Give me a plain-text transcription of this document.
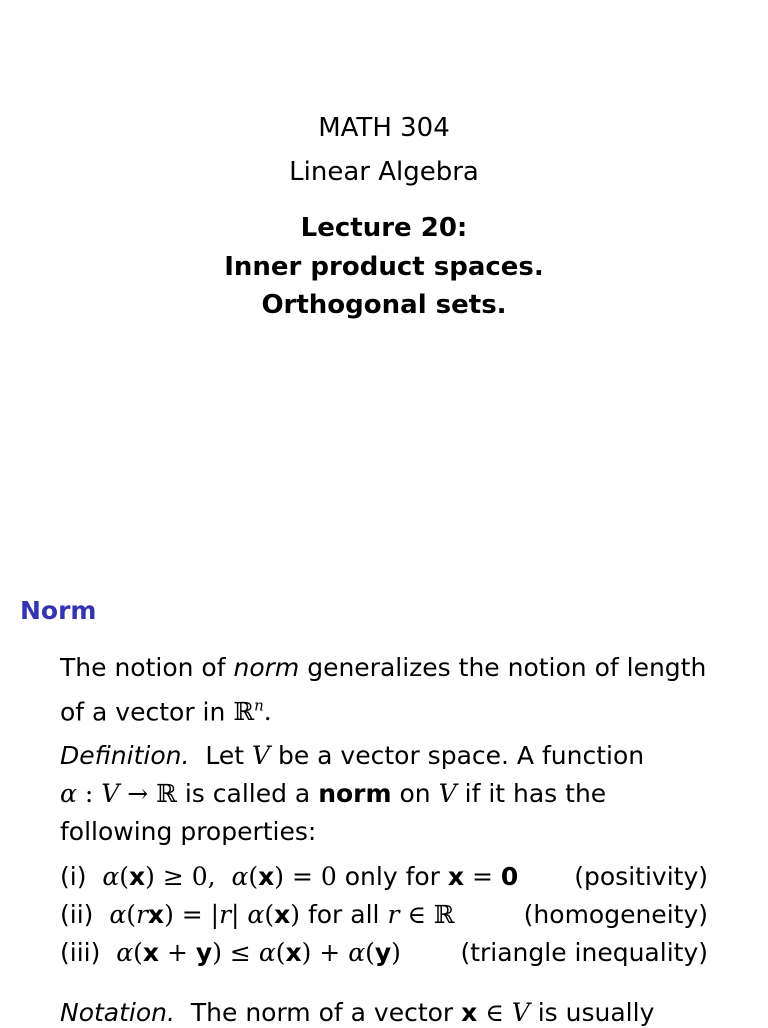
MATH 304
Linear Algebra
Lecture 20:
Inner product spaces.
Orthogonal sets.
Norm
The notion of norm generalizes the notion of length
of a vector in ℝ$^n$.
Definition. Let V be a vector space. A function
α : V → ℝ is called a norm on V if it has the
following properties:
(i) α(x) ≥ 0,  α(x) = 0 only for x = 0 (positivity)
(ii) α(rx) = |r| α(x) for all r ∈ ℝ	(homogeneity)
(iii) α(x + y) ≤ α(x) + α(y) (triangle inequality)
Notation. The norm of a vector x ∈ V is usually
